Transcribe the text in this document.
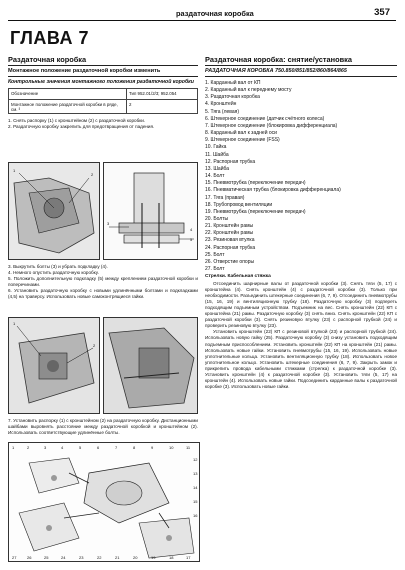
раздаточная коробка	357
ГЛАВА 7
Раздаточная коробка
Монтажное положение раздаточной коробки изменить
Контрольные значения монтажного положения раздаточной коробки
Обозначение	Тип 952.01/2/3; 952.054
Монтажное положение раздаточной коробки в ряде, см. ³	2

1. Снять распорку (1) с кронштейном (2) с раздаточной коробки.

2. Раздаточную коробку закрепить для предотвращения от падения.

1
2
3
4
5

3. Выкрутить болты (3) и убрать подкладку (4).

4. Немного опустить раздаточную коробку.

5. Положить дополнительную подкладку (5) между креплением раздаточной коробки и поперечинами.

6. Установить раздаточную коробку с новыми удлинёнными болтами и подкладками (4,5) на траверсу. Использовать новые самоконтрящиеся гайки.

1
2

7. Установить распорку (1) с кронштейном (2) на раздаточную коробку. Дистанционными шайбами выровнять расстояние между раздаточной коробкой и кронштейном (2). Использовать соответствующие удлинённые болты.

1	2	3	4	5	6	7	8	9	10	11
12
13
14
15
16
17
18
19
20
21
22
23
24
25
26
27
Раздаточная коробка: снятие/установка
РАЗДАТОЧНАЯ КОРОБКА 750.850/851/852/860/864/865
1. Карданный вал от КП
2. Карданный вал к переднему мосту
3. Раздаточная коробка
4. Кронштейн
5. Тяга (левая)
6. Штекерное соединение (датчик счётного колеса)
7. Штекерное соединение (блокировка дифференциала)
8. Карданный вал к задней оси
9. Штекерное соединение (FSS)
10. Гайка
11. Шайба
12. Распорная трубка
13. Шайба
14. Болт
15. Пневмотрубка (переключение передач)
16. Пневматическая трубка (блокировка дифференциала)
17. Тяга (правая)
18. Трубопровод вентиляции
19. Пневмотрубка (переключение передач)
20. Болты
21. Кронштейн рамы
22. Кронштейн рамы
23. Резиновая втулка
24. Распорная трубка
25. Болт
26. Отверстие опоры
27. Болт
Стрелки. Кабельная стяжка

Отсоединить шарнирные валы от раздаточной коробки (3). Снять тяги (5, 17) с кронштейна (4). Снять кронштейн (4) с раздаточной коробки (3). Только при необходимости. Разъединить штекерные соединения (6, 7, 9). Отсоединить пневмотрубы (15, 16, 19) и вентиляционную трубку (18). Раздаточную коробку (3) подпереть подходящим подъемным устройством. Подъемник на вес. Снять кронштейн (22) КП с кронштейна (21) рамы. Раздаточную коробку (3) снять вниз. Снять кронштейн (22) КП с раздаточной коробки (3). Снять резиновую втулку (23) с распорной трубкой (24) и проверить резиновую втулку (23).

Установить кронштейн (22) КП с резиновой втулкой (23) и распорной трубкой (24). Использовать новую гайку (25). Раздаточную коробку (3) снизу установить подходящим подъемным приспособлением. Установить кронштейн (22) КП на кронштейн (21) рамы. Использовать новые гайки. Установить пневмотрубы (15, 16, 19). Использовать новые уплотнительные кольца. Установить вентиляционную трубку (18). Использовать новое уплотнительное кольцо. Установить штекерные соединения (6, 7, 9). Закрыть замок и прикрепить провода кабельными стяжками (стрелка) к раздаточной коробке (3). Установить кронштейн (4) к раздаточной коробке (3). Установить тяги (5, 17) на кронштейн (4). Использовать новые гайки. Подсоединить карданные валы к раздаточной коробке (3). Использовать новые гайки.
